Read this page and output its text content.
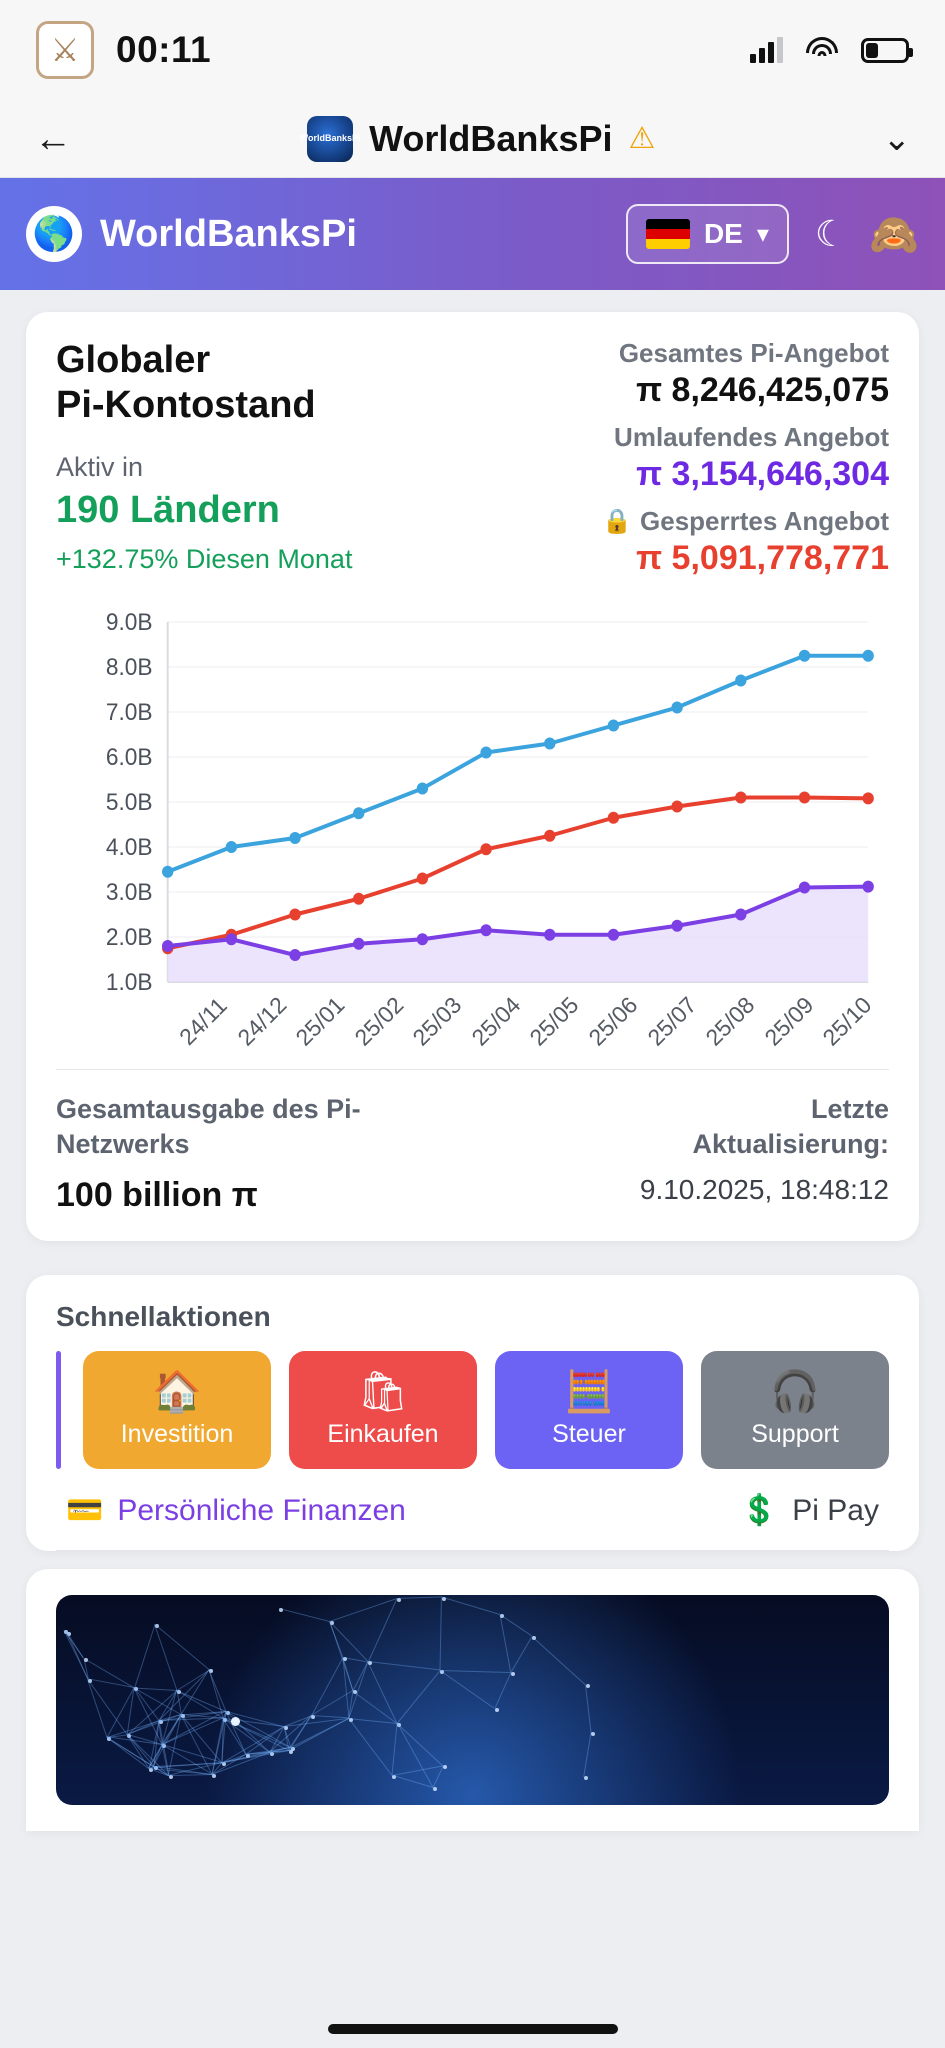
⚔ 00:11
←	WorldBanksPi WorldBanksPi ⚠	⌄
🌎 WorldBanksPi	DE ▾ ☾ 🙈
Globaler
Pi-Kontostand
Aktiv in
190 Ländern
+132.75% Diesen Monat
Gesamtes Pi-Angebot
π 8,246,425,075
Umlaufendes Angebot
π 3,154,646,304
🔒 Gesperrtes Angebot
π 5,091,778,771
9.0B
8.0B
7.0B
6.0B
5.0B
4.0B
3.0B
2.0B
1.0B
24/11 24/12 25/01 25/02 25/03 25/04 25/05 25/06 25/07 25/08 25/09 25/10
Gesamtausgabe des Pi-Netzwerks
100 billion π
Letzte
Aktualisierung:
9.10.2025, 18:48:12
Schnellaktionen
🏠
Investition
🛍
Einkaufen
🧮
Steuer
🎧
Support
💳 Persönliche Finanzen	💲 Pi Pay
